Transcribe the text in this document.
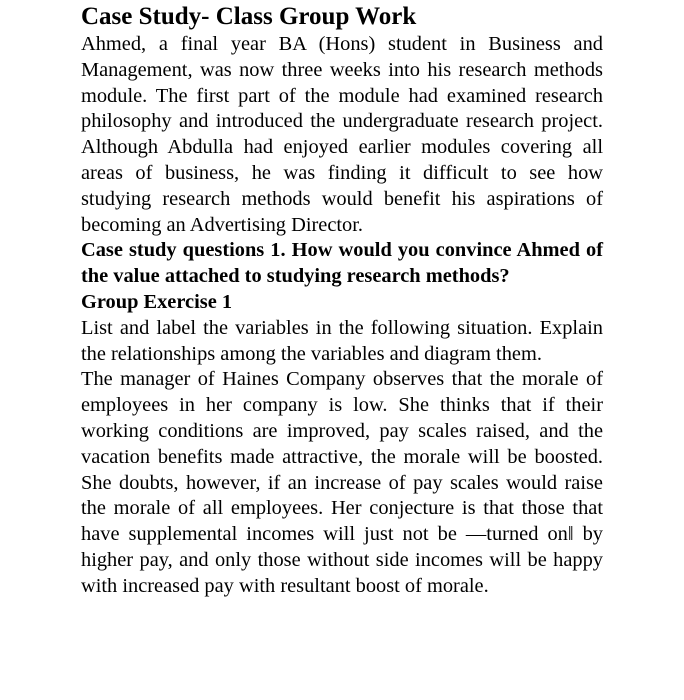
Case Study- Class Group Work

Ahmed, a final year BA (Hons) student in Business and Management, was now three weeks into his research methods module. The first part of the module had examined research philosophy and introduced the undergraduate research project. Although Abdulla had enjoyed earlier modules covering all areas of business, he was finding it difficult to see how studying research methods would benefit his aspirations of becoming an Advertising Director.

Case study questions 1. How would you convince Ahmed of the value attached to studying research methods?

Group Exercise 1

List and label the variables in the following situation. Explain the relationships among the variables and diagram them.

The manager of Haines Company observes that the morale of employees in her company is low. She thinks that if their working conditions are improved, pay scales raised, and the vacation benefits made attractive, the morale will be boosted. She doubts, however, if an increase of pay scales would raise the morale of all employees. Her conjecture is that those that have supplemental incomes will just not be —turned on‖ by higher pay, and only those without side incomes will be happy with increased pay with resultant boost of morale.
